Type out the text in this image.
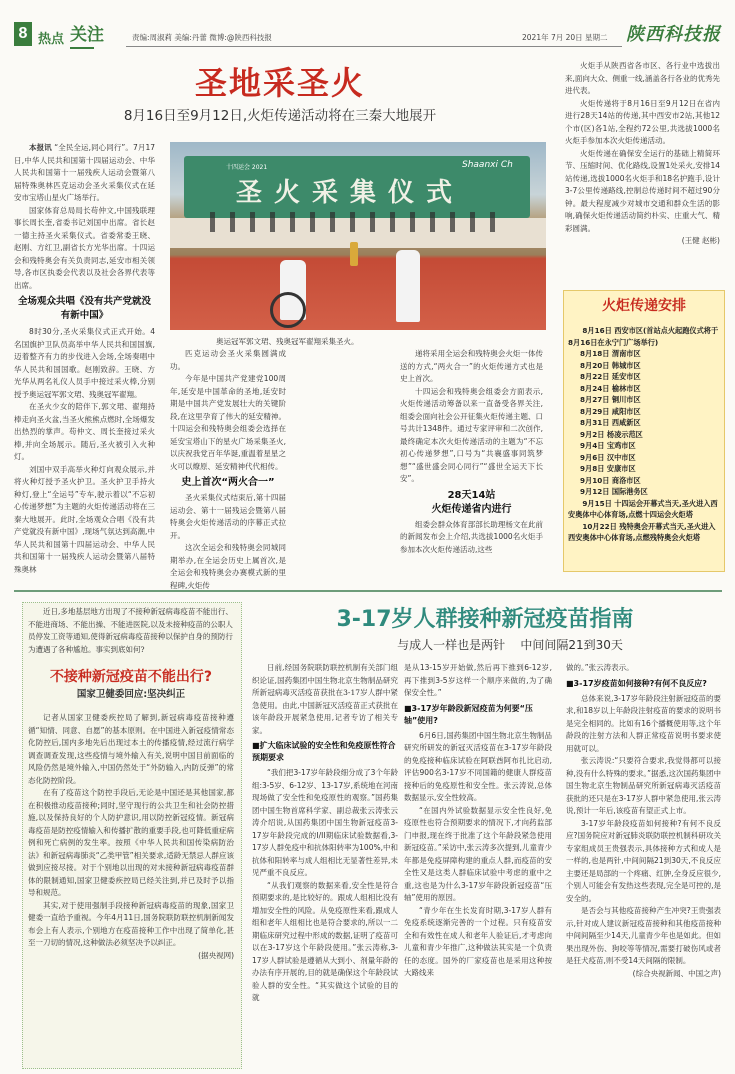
8 热点 关注	责编:周淑莉 美编:丹蕾 微博:@陕西科技报	2021年 7月 20日 星期二 陕西科技报
圣地采圣火
8月16日至9月12日,火炬传递活动将在三秦大地展开

本报讯 “全民全运,同心同行”。7月17日,中华人民共和国第十四届运动会、中华人民共和国第十一届残疾人运动会暨第八届特殊奥林匹克运动会圣火采集仪式在延安市宝塔山星火广场举行。

国家体育总局局长苟仲文,中国残联理事长周长奎,省委书记刘国中出席。省长赵一德主持圣火采集仪式。省委常委王晓、赵刚、方红卫,副省长方光华出席。十四运会和残特奥会有关负责同志,延安市相关领导,各市区执委会代表以及社会各界代表等出席。

全场观众共唱《没有共产党就没有新中国》

8时30分,圣火采集仪式正式开始。4名国旗护卫队员高举中华人民共和国国旗,迈着整齐有力的步伐进入会场,全场奏唱中华人民共和国国歌。赵刚致辞。王晓、方光华从两名礼仪人员手中接过采火棒,分别授予奥运冠军郭文珺、残奥冠军翟翔。

在圣火少女的陪伴下,郭文珺、翟翔持棒走向圣火盆,当圣火熊熊点燃时,全场爆发出热烈的掌声。苟仲文、周长奎接过采火棒,并向全场展示。随后,圣火被引入火种灯。

刘国中双手高举火种灯向观众展示,并将火种灯授予圣火护卫。圣火护卫手持火种灯,登上“全运号”专车,驶示着以“不忘初心传递梦想”为主题的火炬传递活动将在三秦大地展开。此时,全场观众合唱《没有共产党就没有新中国》,现场气氛达到高潮,中华人民共和国第十四届运动会、中华人民共和国第十一届残疾人运动会暨第八届特殊奥林

十四运会 2021
圣火采集仪式
Shaanxi Ch
奥运冠军郭文珺、残奥冠军翟翔采集圣火。

匹克运动会圣火采集圆满成功。

今年是中国共产党建党100周年,延安是中国革命的圣地,延安时期是中国共产党发展壮大的关键阶段,在这里孕育了伟大的延安精神。十四运会和残特奥会组委会选择在延安宝塔山下的星火广场采集圣火,以庆祝我党百年华诞,重温着星星之火可以燎原、延安精神代代相传。

史上首次“两火合一”

圣火采集仪式结束后,第十四届运动会、第十一届残运会暨第八届特奥会火炬传递活动的序幕正式拉开。

这次全运会和残特奥会同城同期举办,在全运会历史上属首次,是全运会和残特奥会办赛模式新的里程碑,火炬传

递将采用全运会和残特奥会火炬一体传送的方式,“两火合一”的火炬传递方式也是史上首次。

十四运会和残特奥会组委会方面表示,火炬传递活动筹备以来一直备受各界关注,组委会面向社会公开征集火炬传递主题、口号共计1348件。通过专家评审和二次创作,最终确定本次火炬传递活动的主题为“不忘初心传递梦想”,口号为“共襄盛事同筑梦想”“盛世盛会同心同行”“盛世全运天下长安”。

28天14站
火炬传递省内进行

组委会群众体育部部长助理杨文在此前的新闻发布会上介绍,共选拔1000名火炬手参加本次火炬传递活动,这些

火炬手从陕西省各市区、各行业中选拔出来,面向大众、侧重一线,涵盖各行各业的优秀先进代表。

火炬传递将于8月16日至9月12日在省内进行28天14站的传递,其中西安市2站,其他12个市(区)各1站,全程约72公里,共选拔1000名火炬手参加本次火炬传递活动。

火炬传递在确保安全运行的基础上精简环节、压缩时间、优化路线,设置1处采火,安排14站传递,选拔1000名火炬手和18名护跑手,设计3-7公里传递路线,控制总传递时间不超过90分钟。最大程度减少对城市交通和群众生活的影响,确保火炬传递活动简约朴实、庄重大气、精彩圆满。

(王健 赵彬)
火炬传递安排
8月16日 西安市区(首站点火起跑仪式将于8月16日在永宁门广场举行)
8月18日 渭南市区
8月20日 韩城市区
8月22日 延安市区
8月24日 榆林市区
8月27日 铜川市区
8月29日 咸阳市区
8月31日 西咸新区
9月2日 杨凌示范区
9月4日 宝鸡市区
9月6日 汉中市区
9月8日 安康市区
9月10日 商洛市区
9月12日 国际港务区
9月15日 十四运会开幕式当天,圣火进入西安奥体中心体育场,点燃十四运会火炬塔
10月22日 残特奥会开幕式当天,圣火进入西安奥体中心体育场,点燃残特奥会火炬塔
近日,多地基层地方出现了不接种新冠病毒疫苗不能出行、不能进商场、不能出操、不能进医院,以及未接种疫苗的公职人员停发工资等通知,使得新冠病毒疫苗接种以保护自身的预防行为遭遇了各种尴尬。事实到底如何?
不接种新冠疫苗不能出行?
国家卫健委回应:坚决纠正

记者从国家卫健委疾控局了解到,新冠病毒疫苗接种遵循“知情、同意、自愿”的基本原则。在中国进入新冠疫情常态化防控后,国内多地先后出现过本土的传播疫情,经过流行病学调查调查发现,这些疫情与境外输入有关,说明中国目前面临的风险仍然是境外输入,中国仍然处于“外防输入,内防反弹”的常态化防控阶段。

在有了疫苗这个防控手段后,无论是中国还是其他国家,都在积极推动疫苗接种;同时,坚守现行的公共卫生和社会防控措施,以及保持良好的个人防护意识,用以防控新冠疫情。新冠病毒疫苗是防控疫情输入和传播扩散的重要手段,也可降低重症病例和死亡病例的发生率。按照《中华人民共和国传染病防治法》和新冠病毒肺炎“乙类甲管”相关要求,适龄无禁忌人群应该做到应接尽接。对于个别地以出现的对未接种新冠病毒疫苗群体的限制通知,国家卫健委疾控局已经关注到,并已及时予以指导和规范。

其实,对于使用强制手段接种新冠病毒疫苗的现象,国家卫健委一直给予重视。今年4月11日,国务院联防联控机制新闻发布会上有人表示,个别地方在疫苗接种工作中出现了简单化,甚至一刀切的情况,这种做法必须坚决予以纠正。

(据央视网)
3-17岁人群接种新冠疫苗指南
与成人一样也是两针    中间间隔21到30天
日前,经国务院联防联控机制有关部门组织论证,国药集团中国生物北京生物制品研究所新冠病毒灭活疫苗获批在3-17岁人群中紧急使用。由此,中国新冠灭活疫苗正式获批在该年龄段开展紧急使用,记者专访了相关专家。
■扩大临床试验的安全性和免疫原性符合预期要求

“我们把3-17岁年龄段细分成了3个年龄组:3-5岁、6-12岁、13-17岁,系统地在河南现场做了安全性和免疫原性的观察。”国药集团中国生物首席科学家、副总裁张云涛张云涛介绍说,从国药集团中国生物新冠疫苗3-17岁年龄段完成的I/II期临床试验数据看,3-17岁人群免疫中和抗体阳转率为100%,中和抗体和阳转率与成人组相比无显著性差异,未见严重不良反应。

“从我们观察的数据来看,安全性是符合预期要求的,是比较好的。跟成人组相比没有增加安全性的风险。从免疫原性来看,跟成人组和老年人组相比也是符合要求的,所以一二期临床研究过程中形成的数据,证明了疫苗可以在3-17岁这个年龄段使用。”张云涛称,3-17岁人群试验是遵循从大到小、剂量年龄的办法有序开展的,目的就是确保这个年龄段试验人群的安全性。“其实做这个试验的目的就

是从13-15岁开始做,然后再下推到6-12岁,再下推到3-5岁这样一个顺序来做的,为了确保安全性。”
■3-17岁年龄段新冠疫苗为何要“压轴”使用?

6月6日,国药集团中国生物北京生物制品研究所研发的新冠灭活疫苗在3-17岁年龄段的免疫接种临床试验在阿联酋阿布扎比启动,评估900名3-17岁不同国籍的健康人群疫苗接种后的免疫原性和安全性。张云涛说,总体数据显示,安全性较高。

“在国内外试验数据显示安全性良好,免疫原性也符合预期要求的情况下,才向药监部门申报,现在终于批准了这个年龄段紧急使用新冠疫苗。”采访中,张云涛多次提到,儿童青少年都是免疫屏障构建的重点人群,而疫苗的安全性又是这类人群临床试验中考虑的重中之重,这也是为什么3-17岁年龄段新冠疫苗“压轴”使用的原因。

“青少年在生长发育时期,3-17岁人群有免疫系统逐渐完善的一个过程。只有疫苗安全和有效性在成人和老年人验证后,才考虑向儿童和青少年推广,这种做法其实是一个负责任的态度。国外的厂家疫苗也是采用这种按大路线来

做的。”张云涛表示。
■3-17岁疫苗如何接种?有何不良反应?

总体来说,3-17岁年龄段注射新冠疫苗的要求,和18岁以上年龄段注射疫苗的要求的说明书是完全相同的。比如有16个播概使用等,这个年龄段的注射方法和人群正常疫苗说明书要求使用就可以。

张云涛说:“只要符合要求,我觉得都可以接种,没有什么特殊的要求。”据悉,这次国药集团中国生物北京生物制品研究所新冠病毒灭活疫苗获批的还只是在3-17岁人群中紧急使用,张云涛说,预计一年后,该疫苗有望正式上市。

3-17岁年龄段疫苗如何接种?有何不良反应?国务院应对新冠肺炎联防联控机制科研攻关专家组成员王贵强表示,具体接种方式和成人是一样的,也是两针,中间间隔21到30天,不良反应主要还是局部的一个疼痛、红肿,全身反应很少,个别人可能会有发热这些表现,完全是可控的,是安全的。

是否会与其他疫苗接种产生冲突?王贵强表示,针对成人建议新冠疫苗接种和其他疫苗接种中间间隔至少14天,儿童青少年也是如此。但如果出现外伤、狗咬等等情况,需要打破伤风或者是狂犬疫苗,则不受14天间隔的限制。

(综合央视新闻、中国之声)
